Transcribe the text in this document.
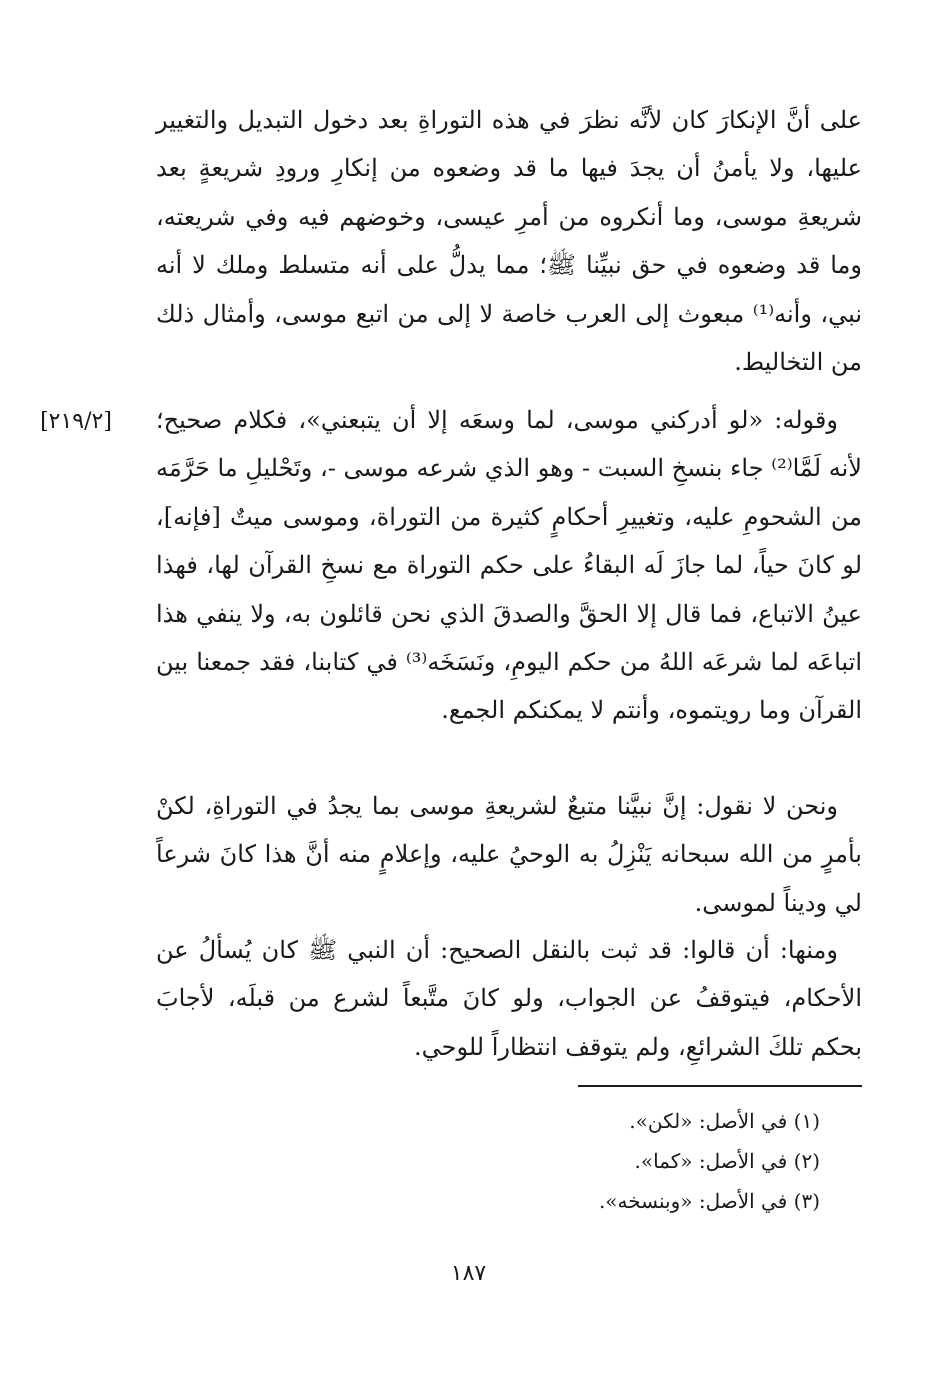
على أنَّ الإنكارَ كان لأنَّه نظرَ في هذه التوراةِ بعد دخول التبديل والتغيير عليها، ولا يأمنُ أن يجدَ فيها ما قد وضعوه من إنكارِ ورودِ شريعةٍ بعد شريعةِ موسى، وما أنكروه من أمرِ عيسى، وخوضهم فيه وفي شريعته، وما قد وضعوه في حق نبيِّنا ﷺ؛ مما يدلُّ على أنه متسلط وملك لا أنه نبي، وأنه⁽¹⁾ مبعوث إلى العرب خاصة لا إلى من اتبع موسى، وأمثال ذلك من التخاليط.

[٢١٩/٢]	وقوله: «لو أدركني موسى، لما وسعَه إلا أن يتبعني»، فكلام صحيح؛ لأنه لَمَّا⁽²⁾ جاء بنسخِ السبت - وهو الذي شرعه موسى -، وتَحْليلِ ما حَرَّمَه من الشحومِ عليه، وتغييرِ أحكامٍ كثيرة من التوراة، وموسى ميتٌ [فإنه]، لو كانَ حياً، لما جازَ لَه البقاءُ على حكم التوراة مع نسخِ القرآن لها، فهذا عينُ الاتباع، فما قال إلا الحقَّ والصدقَ الذي نحن قائلون به، ولا ينفي هذا اتباعَه لما شرعَه اللهُ من حكم اليومِ، ونَسَخَه⁽³⁾ في كتابنا، فقد جمعنا بين القرآن وما رويتموه، وأنتم لا يمكنكم الجمع.

ونحن لا نقول: إنَّ نبيَّنا متبعٌ لشريعةِ موسى بما يجدُ في التوراةِ، لكنْ بأمرٍ من الله سبحانه يَنْزِلُ به الوحيُ عليه، وإعلامٍ منه أنَّ هذا كانَ شرعاً لي وديناً لموسى.

ومنها: أن قالوا: قد ثبت بالنقل الصحيح: أن النبي ﷺ كان يُسألُ عن الأحكام، فيتوقفُ عن الجواب، ولو كانَ متَّبعاً لشرع من قبلَه، لأجابَ بحكم تلكَ الشرائعِ، ولم يتوقف انتظاراً للوحي.

(١) في الأصل: «لكن».
(٢) في الأصل: «كما».
(٣) في الأصل: «وبنسخه».
١٨٧
